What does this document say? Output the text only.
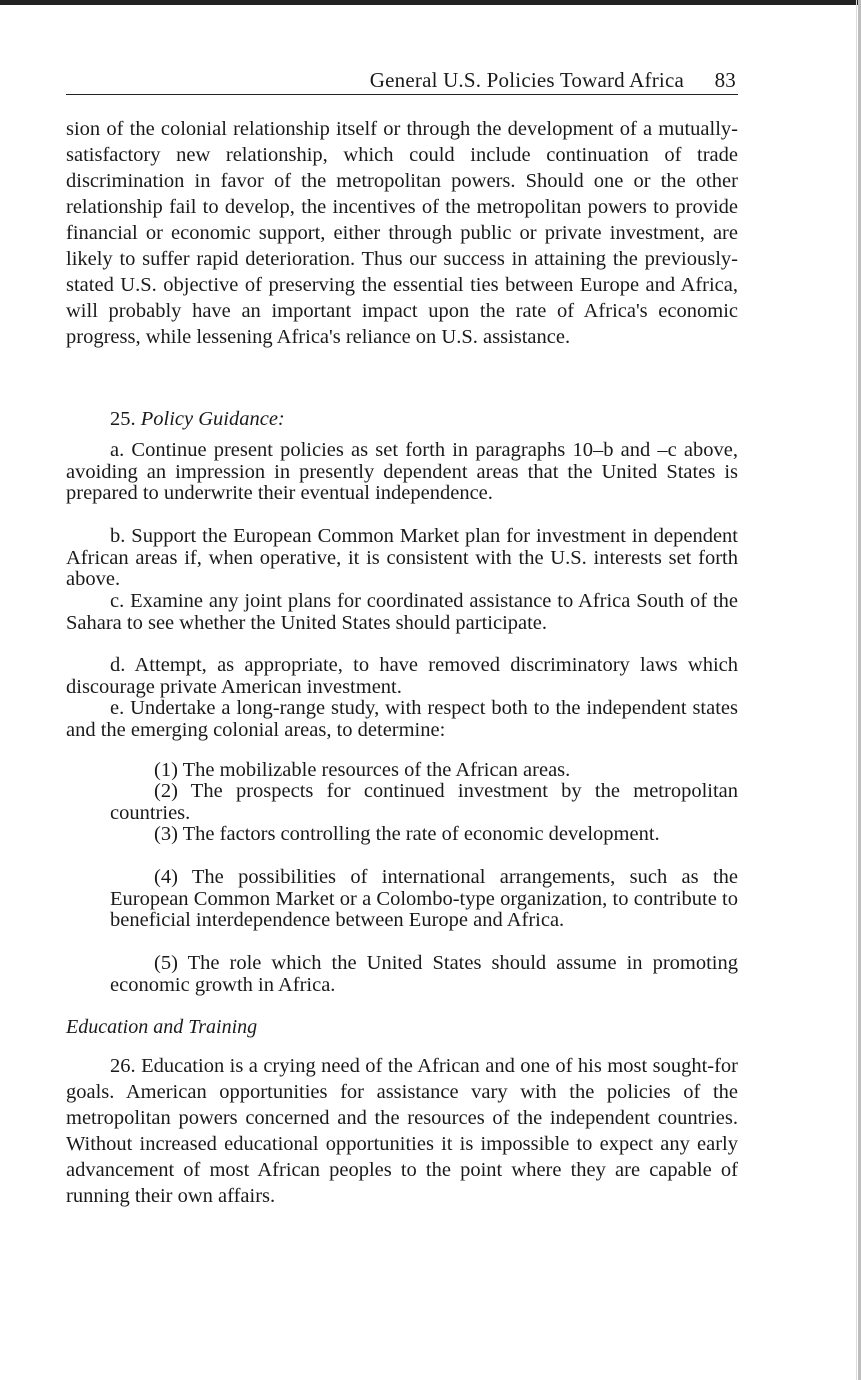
General U.S. Policies Toward Africa 83
sion of the colonial relationship itself or through the development of a mutually-satisfactory new relationship, which could include continuation of trade discrimination in favor of the metropolitan powers. Should one or the other relationship fail to develop, the incentives of the metropolitan powers to provide financial or economic support, either through public or private investment, are likely to suffer rapid deterioration. Thus our success in attaining the previously-stated U.S. objective of preserving the essential ties between Europe and Africa, will probably have an important impact upon the rate of Africa's economic progress, while lessening Africa's reliance on U.S. assistance.
25. Policy Guidance:
a. Continue present policies as set forth in paragraphs 10–b and –c above, avoiding an impression in presently dependent areas that the United States is prepared to underwrite their eventual independence.
b. Support the European Common Market plan for investment in dependent African areas if, when operative, it is consistent with the U.S. interests set forth above.
c. Examine any joint plans for coordinated assistance to Africa South of the Sahara to see whether the United States should participate.
d. Attempt, as appropriate, to have removed discriminatory laws which discourage private American investment.
e. Undertake a long-range study, with respect both to the independent states and the emerging colonial areas, to determine:
(1) The mobilizable resources of the African areas.
(2) The prospects for continued investment by the metropolitan countries.
(3) The factors controlling the rate of economic development.
(4) The possibilities of international arrangements, such as the European Common Market or a Colombo-type organization, to contribute to beneficial interdependence between Europe and Africa.
(5) The role which the United States should assume in promoting economic growth in Africa.
Education and Training
26. Education is a crying need of the African and one of his most sought-for goals. American opportunities for assistance vary with the policies of the metropolitan powers concerned and the resources of the independent countries. Without increased educational opportunities it is impossible to expect any early advancement of most African peoples to the point where they are capable of running their own affairs.
